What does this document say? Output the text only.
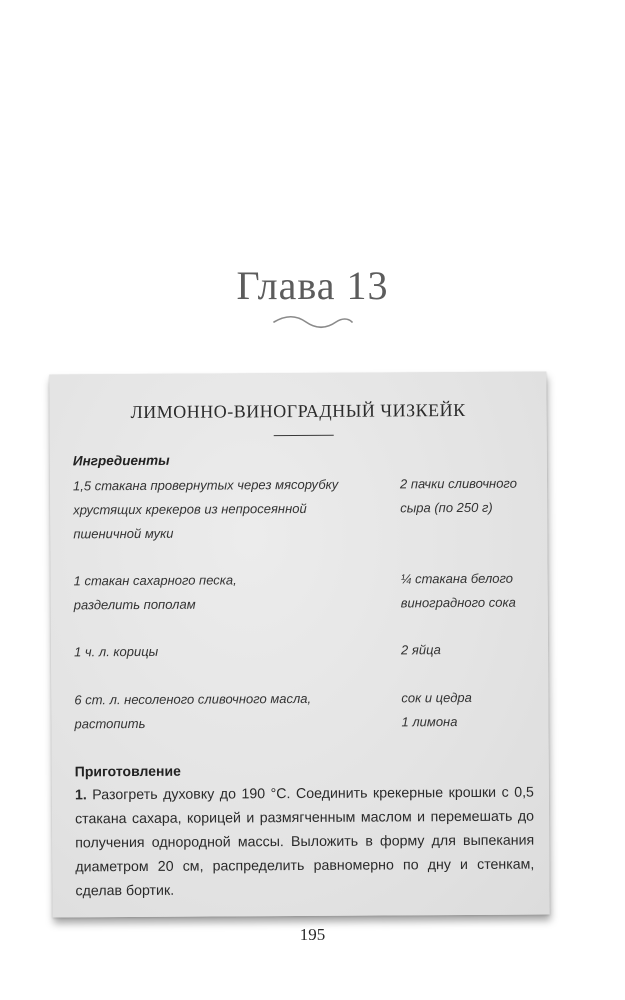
Глава 13
ЛИМОННО-ВИНОГРАДНЫЙ ЧИЗКЕЙК
Ингредиенты
1,5 стакана провернутых через мясорубку
хрустящих крекеров из непросеянной
пшеничной муки
1 стакан сахарного песка,
разделить пополам
1 ч. л. корицы
6 ст. л. несоленого сливочного масла,
растопить
2 пачки сливочного
сыра (по 250 г)
¼ стакана белого
виноградного сока
2 яйца
сок и цедра
1 лимона
Приготовление

1. Разогреть духовку до 190 °C. Соединить крекерные крошки с 0,5 стакана сахара, корицей и размягченным маслом и перемешать до получения однородной массы. Выложить в форму для выпекания диаметром 20 см, распределить равномерно по дну и стенкам, сделав бортик.

195
